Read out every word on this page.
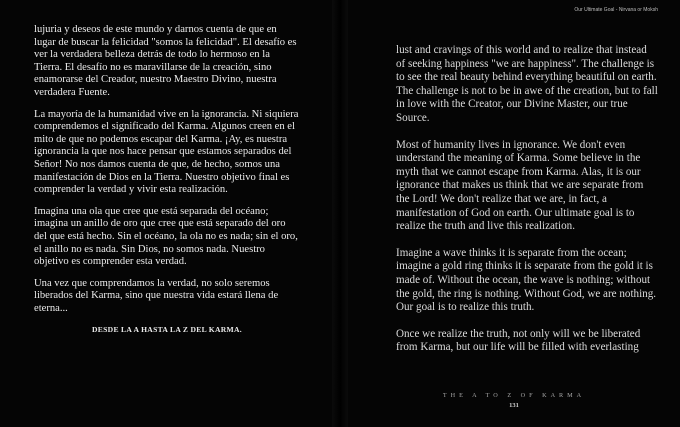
lujuria y deseos de este mundo y darnos cuenta de que en lugar de buscar la felicidad "somos la felicidad". El desafío es ver la verdadera belleza detrás de todo lo hermoso en la Tierra. El desafío no es maravillarse de la creación, sino enamorarse del Creador, nuestro Maestro Divino, nuestra verdadera Fuente.

La mayoría de la humanidad vive en la ignorancia. Ni siquiera comprendemos el significado del Karma. Algunos creen en el mito de que no podemos escapar del Karma. ¡Ay, es nuestra ignorancia la que nos hace pensar que estamos separados del Señor! No nos damos cuenta de que, de hecho, somos una manifestación de Dios en la Tierra. Nuestro objetivo final es comprender la verdad y vivir esta realización.

Imagina una ola que cree que está separada del océano; imagina un anillo de oro que cree que está separado del oro del que está hecho. Sin el océano, la ola no es nada; sin el oro, el anillo no es nada. Sin Dios, no somos nada. Nuestro objetivo es comprender esta verdad.

Una vez que comprendamos la verdad, no solo seremos liberados del Karma, sino que nuestra vida estará llena de eterna...

DESDE LA A HASTA LA Z DEL KARMA.
Our Ultimate Goal - Nirvana or Moksh

lust and cravings of this world and to realize that instead of seeking happiness "we are happiness". The challenge is to see the real beauty behind everything beautiful on earth. The challenge is not to be in awe of the creation, but to fall in love with the Creator, our Divine Master, our true Source.

Most of humanity lives in ignorance. We don't even understand the meaning of Karma. Some believe in the myth that we cannot escape from Karma. Alas, it is our ignorance that makes us think that we are separate from the Lord! We don't realize that we are, in fact, a manifestation of God on earth. Our ultimate goal is to realize the truth and live this realization.

Imagine a wave thinks it is separate from the ocean; imagine a gold ring thinks it is separate from the gold it is made of. Without the ocean, the wave is nothing; without the gold, the ring is nothing. Without God, we are nothing. Our goal is to realize this truth.

Once we realize the truth, not only will we be liberated from Karma, but our life will be filled with everlasting

THE A TO Z OF KARMA
131
